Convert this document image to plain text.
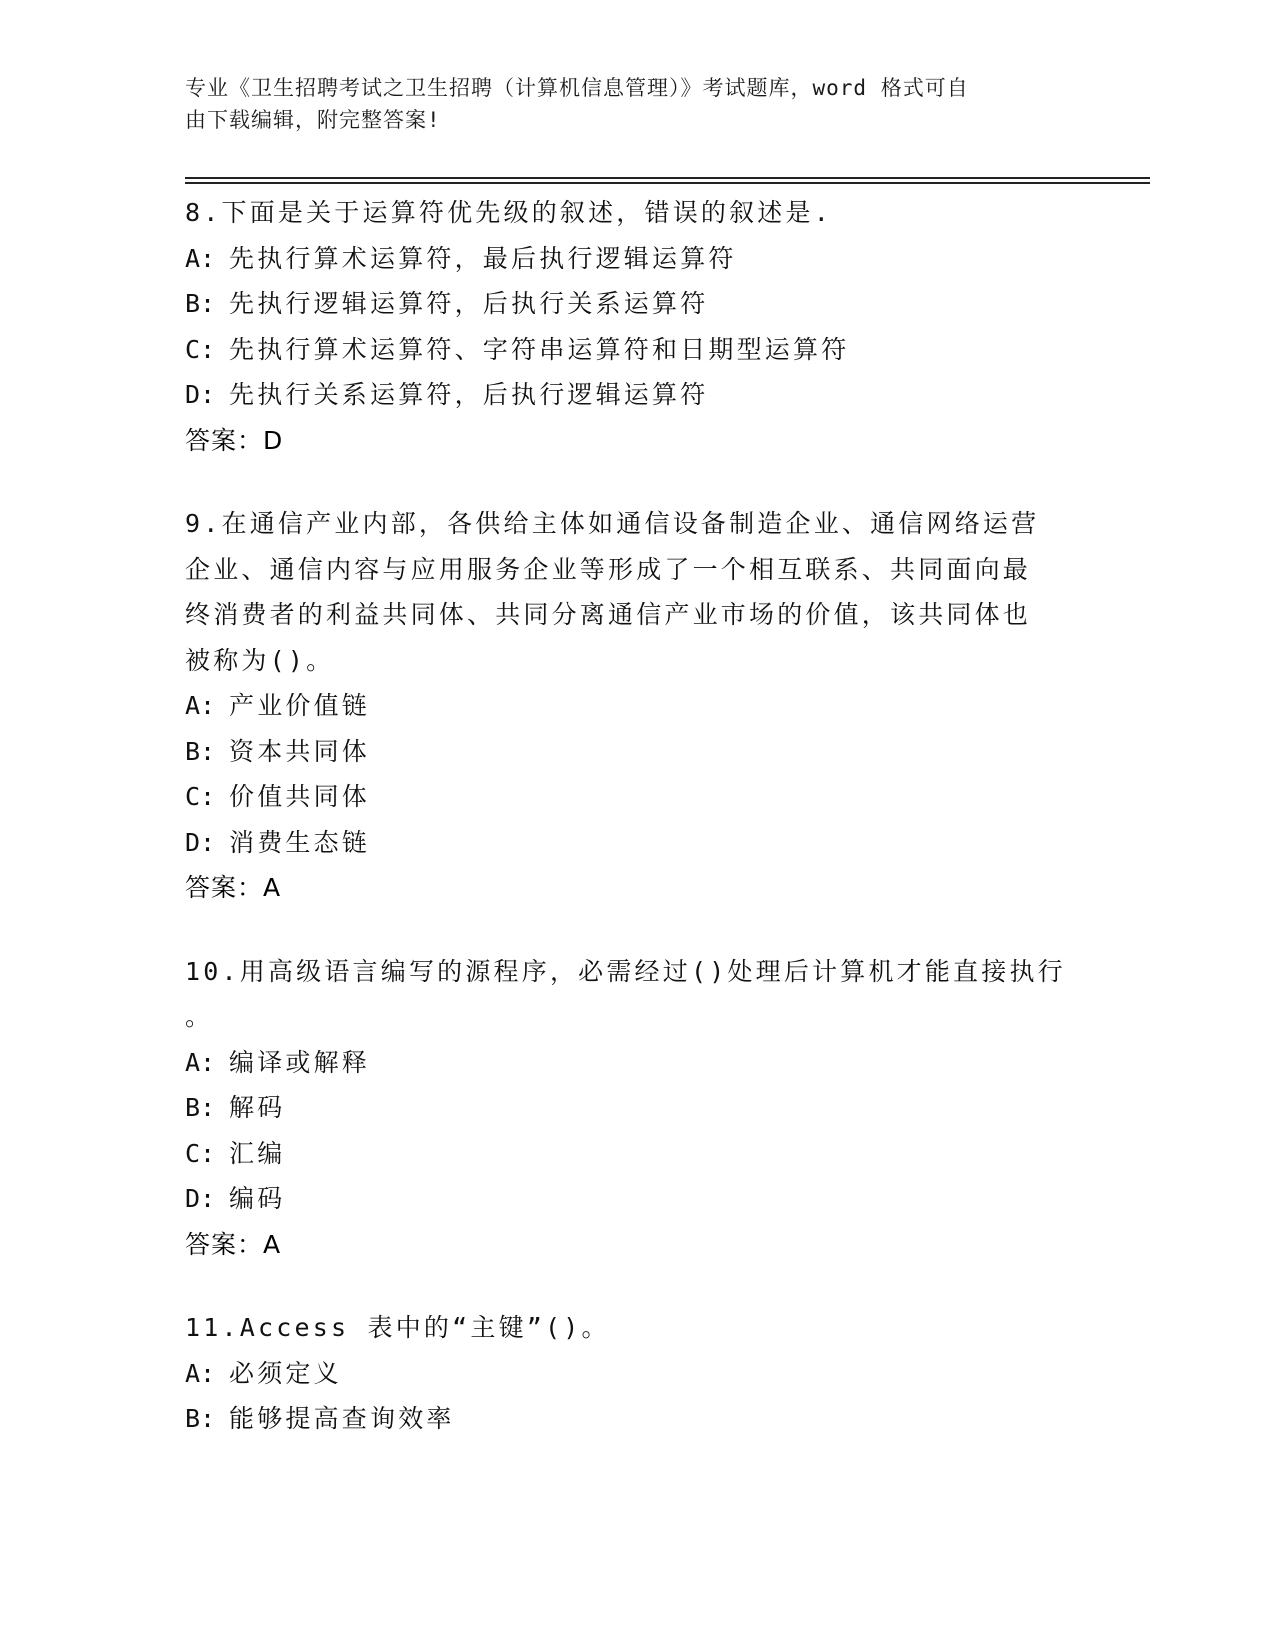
专业《卫生招聘考试之卫生招聘（计算机信息管理）》考试题库，word 格式可自
由下载编辑，附完整答案!
8.下面是关于运算符优先级的叙述，错误的叙述是.
A: 先执行算术运算符，最后执行逻辑运算符
B: 先执行逻辑运算符，后执行关系运算符
C: 先执行算术运算符、字符串运算符和日期型运算符
D: 先执行关系运算符，后执行逻辑运算符
答案：D
9.在通信产业内部，各供给主体如通信设备制造企业、通信网络运营
企业、通信内容与应用服务企业等形成了一个相互联系、共同面向最
终消费者的利益共同体、共同分离通信产业市场的价值，该共同体也
被称为()。
A: 产业价值链
B: 资本共同体
C: 价值共同体
D: 消费生态链
答案：A
10.用高级语言编写的源程序，必需经过()处理后计算机才能直接执行
。
A: 编译或解释
B: 解码
C: 汇编
D: 编码
答案：A
11.Access 表中的“主键”()。
A: 必须定义
B: 能够提高查询效率
